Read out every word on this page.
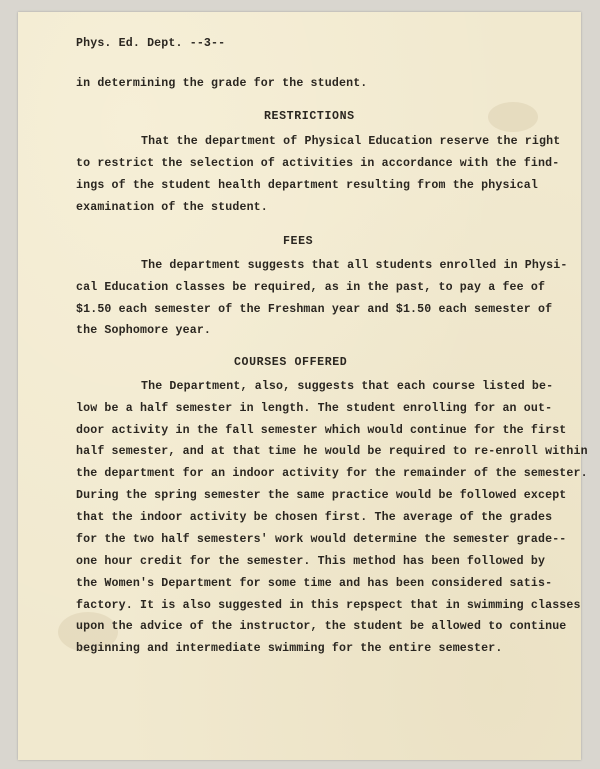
Phys. Ed. Dept. --3--

in determining the grade for the student.

RESTRICTIONS

That the department of Physical Education reserve the right

to restrict the selection of activities in accordance with the find-

ings of the student health department resulting from the physical

examination of the student.

FEES

The department suggests that all students enrolled in Physi-

cal Education classes be required, as in the past, to pay a fee of

$1.50 each semester of the Freshman year and $1.50 each semester of

the Sophomore year.

COURSES OFFERED

The Department, also, suggests that each course listed be-

low be a half semester in length. The student enrolling for an out-

door activity in the fall semester which would continue for the first

half semester, and at that time he would be required to re-enroll within

the department for an indoor activity for the remainder of the semester.

During the spring semester the same practice would be followed except

that the indoor activity be chosen first. The average of the grades

for the two half semesters' work would determine the semester grade--

one hour credit for the semester. This method has been followed by

the Women's Department for some time and has been considered satis-

factory. It is also suggested in this repspect that in swimming classes

upon the advice of the instructor, the student be allowed to continue

beginning and intermediate swimming for the entire semester.
